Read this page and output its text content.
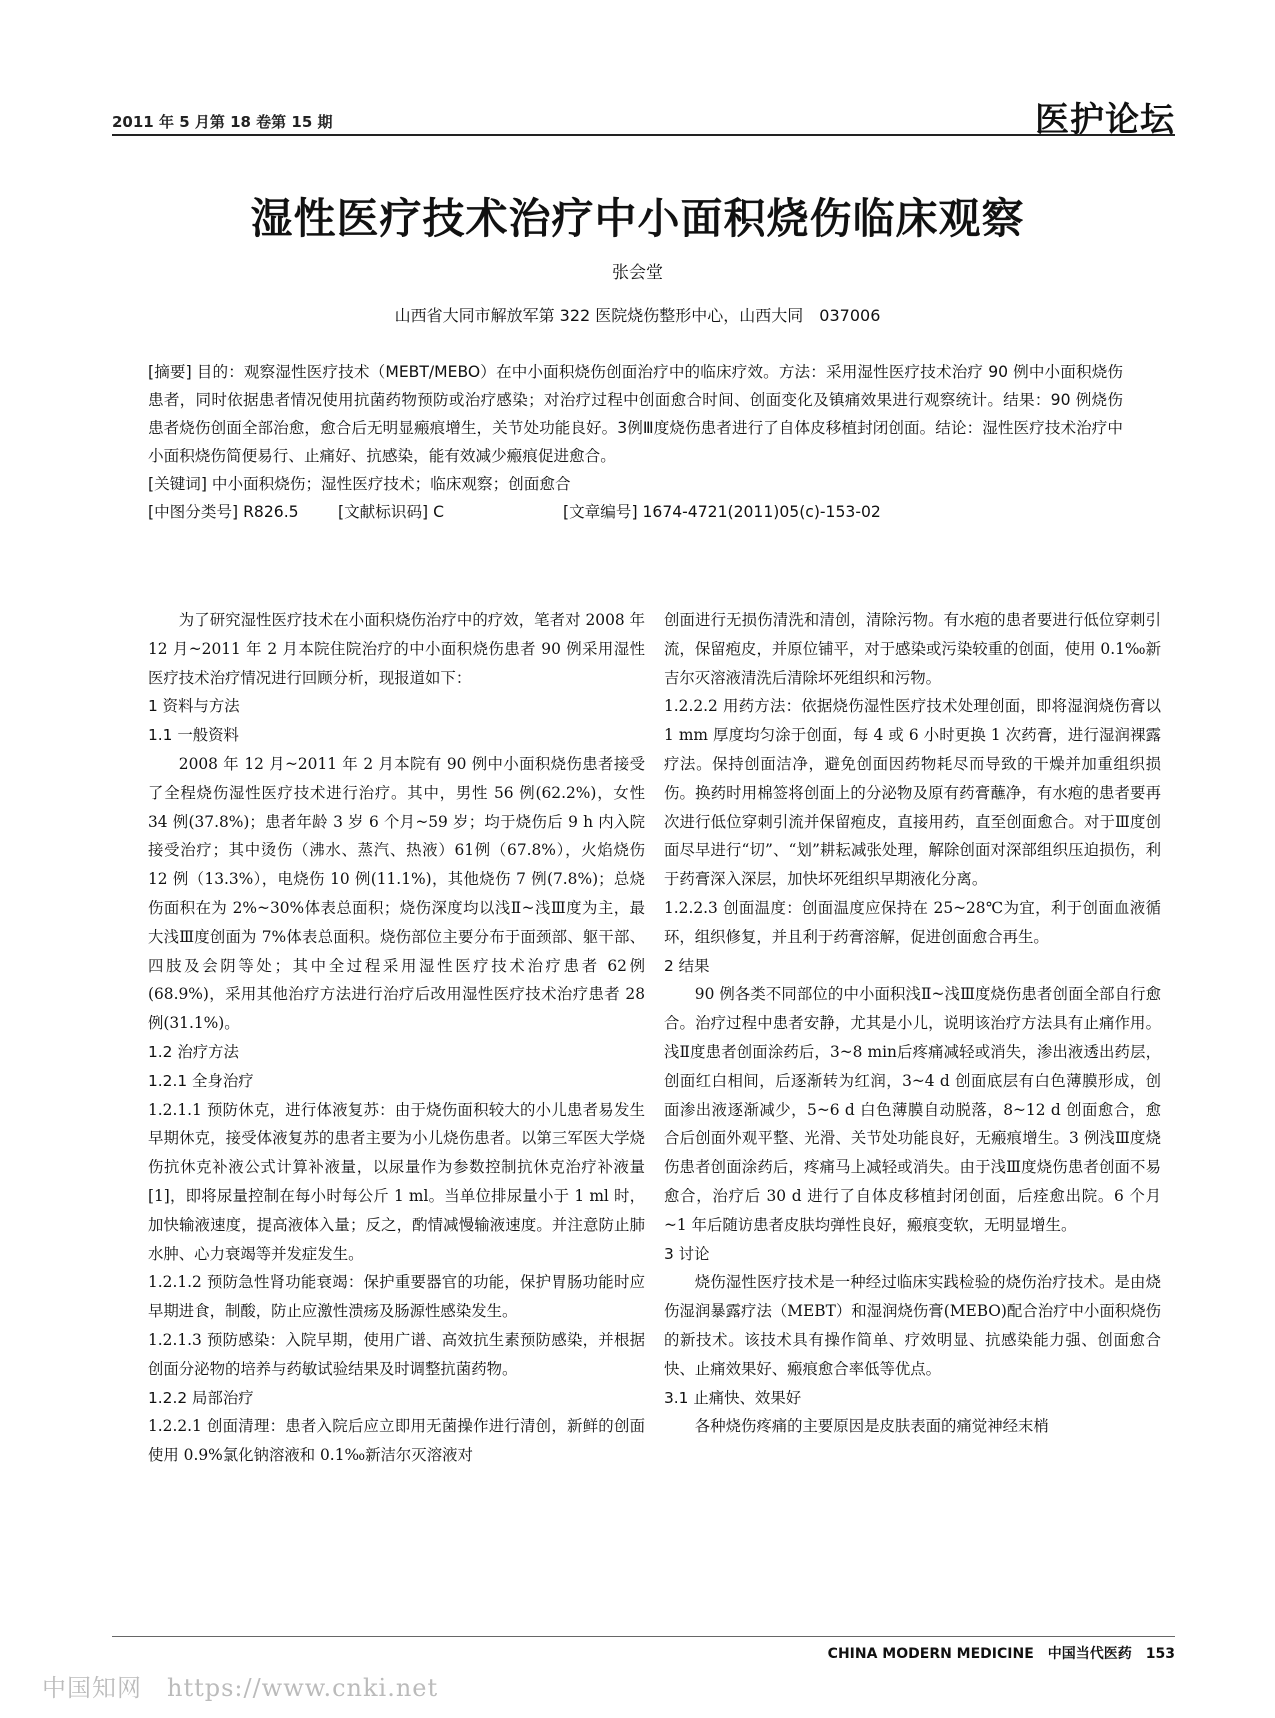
2011 年 5 月第 18 卷第 15 期	医护论坛
湿性医疗技术治疗中小面积烧伤临床观察
张会堂
山西省大同市解放军第 322 医院烧伤整形中心，山西大同　037006

[摘要] 目的：观察湿性医疗技术（MEBT/MEBO）在中小面积烧伤创面治疗中的临床疗效。方法：采用湿性医疗技术治疗 90 例中小面积烧伤患者，同时依据患者情况使用抗菌药物预防或治疗感染；对治疗过程中创面愈合时间、创面变化及镇痛效果进行观察统计。结果：90 例烧伤患者烧伤创面全部治愈，愈合后无明显瘢痕增生，关节处功能良好。3例Ⅲ度烧伤患者进行了自体皮移植封闭创面。结论：湿性医疗技术治疗中小面积烧伤简便易行、止痛好、抗感染，能有效减少瘢痕促进愈合。

[关键词] 中小面积烧伤；湿性医疗技术；临床观察；创面愈合

[中图分类号] R826.5	[文献标识码] C	[文章编号] 1674-4721(2011)05(c)-153-02

为了研究湿性医疗技术在小面积烧伤治疗中的疗效，笔者对 2008 年 12 月~2011 年 2 月本院住院治疗的中小面积烧伤患者 90 例采用湿性医疗技术治疗情况进行回顾分析，现报道如下：

1 资料与方法

1.1 一般资料

2008 年 12 月~2011 年 2 月本院有 90 例中小面积烧伤患者接受了全程烧伤湿性医疗技术进行治疗。其中，男性 56 例(62.2%)，女性 34 例(37.8%)；患者年龄 3 岁 6 个月~59 岁；均于烧伤后 9 h 内入院接受治疗；其中烫伤（沸水、蒸汽、热液）61例（67.8%），火焰烧伤 12 例（13.3%），电烧伤 10 例(11.1%)，其他烧伤 7 例(7.8%)；总烧伤面积在为 2%~30%体表总面积；烧伤深度均以浅Ⅱ~浅Ⅲ度为主，最大浅Ⅲ度创面为 7%体表总面积。烧伤部位主要分布于面颈部、躯干部、四肢及会阴等处；其中全过程采用湿性医疗技术治疗患者 62例(68.9%)，采用其他治疗方法进行治疗后改用湿性医疗技术治疗患者 28 例(31.1%)。

1.2 治疗方法

1.2.1 全身治疗

1.2.1.1 预防休克，进行体液复苏：由于烧伤面积较大的小儿患者易发生早期休克，接受体液复苏的患者主要为小儿烧伤患者。以第三军医大学烧伤抗休克补液公式计算补液量，以尿量作为参数控制抗休克治疗补液量[1]，即将尿量控制在每小时每公斤 1 ml。当单位排尿量小于 1 ml 时，加快输液速度，提高液体入量；反之，酌情减慢输液速度。并注意防止肺水肿、心力衰竭等并发症发生。

1.2.1.2 预防急性肾功能衰竭：保护重要器官的功能，保护胃肠功能时应早期进食，制酸，防止应激性溃疡及肠源性感染发生。

1.2.1.3 预防感染：入院早期，使用广谱、高效抗生素预防感染，并根据创面分泌物的培养与药敏试验结果及时调整抗菌药物。

1.2.2 局部治疗

1.2.2.1 创面清理：患者入院后应立即用无菌操作进行清创，新鲜的创面使用 0.9%氯化钠溶液和 0.1‰新洁尔灭溶液对

创面进行无损伤清洗和清创，清除污物。有水疱的患者要进行低位穿刺引流，保留疱皮，并原位铺平，对于感染或污染较重的创面，使用 0.1‰新吉尔灭溶液清洗后清除坏死组织和污物。

1.2.2.2 用药方法：依据烧伤湿性医疗技术处理创面，即将湿润烧伤膏以 1 mm 厚度均匀涂于创面，每 4 或 6 小时更换 1 次药膏，进行湿润裸露疗法。保持创面洁净，避免创面因药物耗尽而导致的干燥并加重组织损伤。换药时用棉签将创面上的分泌物及原有药膏蘸净，有水疱的患者要再次进行低位穿刺引流并保留疱皮，直接用药，直至创面愈合。对于Ⅲ度创面尽早进行“切”、“划”耕耘减张处理，解除创面对深部组织压迫损伤，利于药膏深入深层，加快坏死组织早期液化分离。

1.2.2.3 创面温度：创面温度应保持在 25~28℃为宜，利于创面血液循环，组织修复，并且利于药膏溶解，促进创面愈合再生。

2 结果

90 例各类不同部位的中小面积浅Ⅱ~浅Ⅲ度烧伤患者创面全部自行愈合。治疗过程中患者安静，尤其是小儿，说明该治疗方法具有止痛作用。浅Ⅱ度患者创面涂药后，3~8 min后疼痛减轻或消失，渗出液透出药层，创面红白相间，后逐渐转为红润，3~4 d 创面底层有白色薄膜形成，创面渗出液逐渐减少，5~6 d 白色薄膜自动脱落，8~12 d 创面愈合，愈合后创面外观平整、光滑、关节处功能良好，无瘢痕增生。3 例浅Ⅲ度烧伤患者创面涂药后，疼痛马上减轻或消失。由于浅Ⅲ度烧伤患者创面不易愈合，治疗后 30 d 进行了自体皮移植封闭创面，后痊愈出院。6 个月~1 年后随访患者皮肤均弹性良好，瘢痕变软，无明显增生。

3 讨论

烧伤湿性医疗技术是一种经过临床实践检验的烧伤治疗技术。是由烧伤湿润暴露疗法（MEBT）和湿润烧伤膏(MEBO)配合治疗中小面积烧伤的新技术。该技术具有操作简单、疗效明显、抗感染能力强、创面愈合快、止痛效果好、瘢痕愈合率低等优点。

3.1 止痛快、效果好

各种烧伤疼痛的主要原因是皮肤表面的痛觉神经末梢

CHINA MODERN MEDICINE　中国当代医药　153
中国知网　https://www.cnki.net
